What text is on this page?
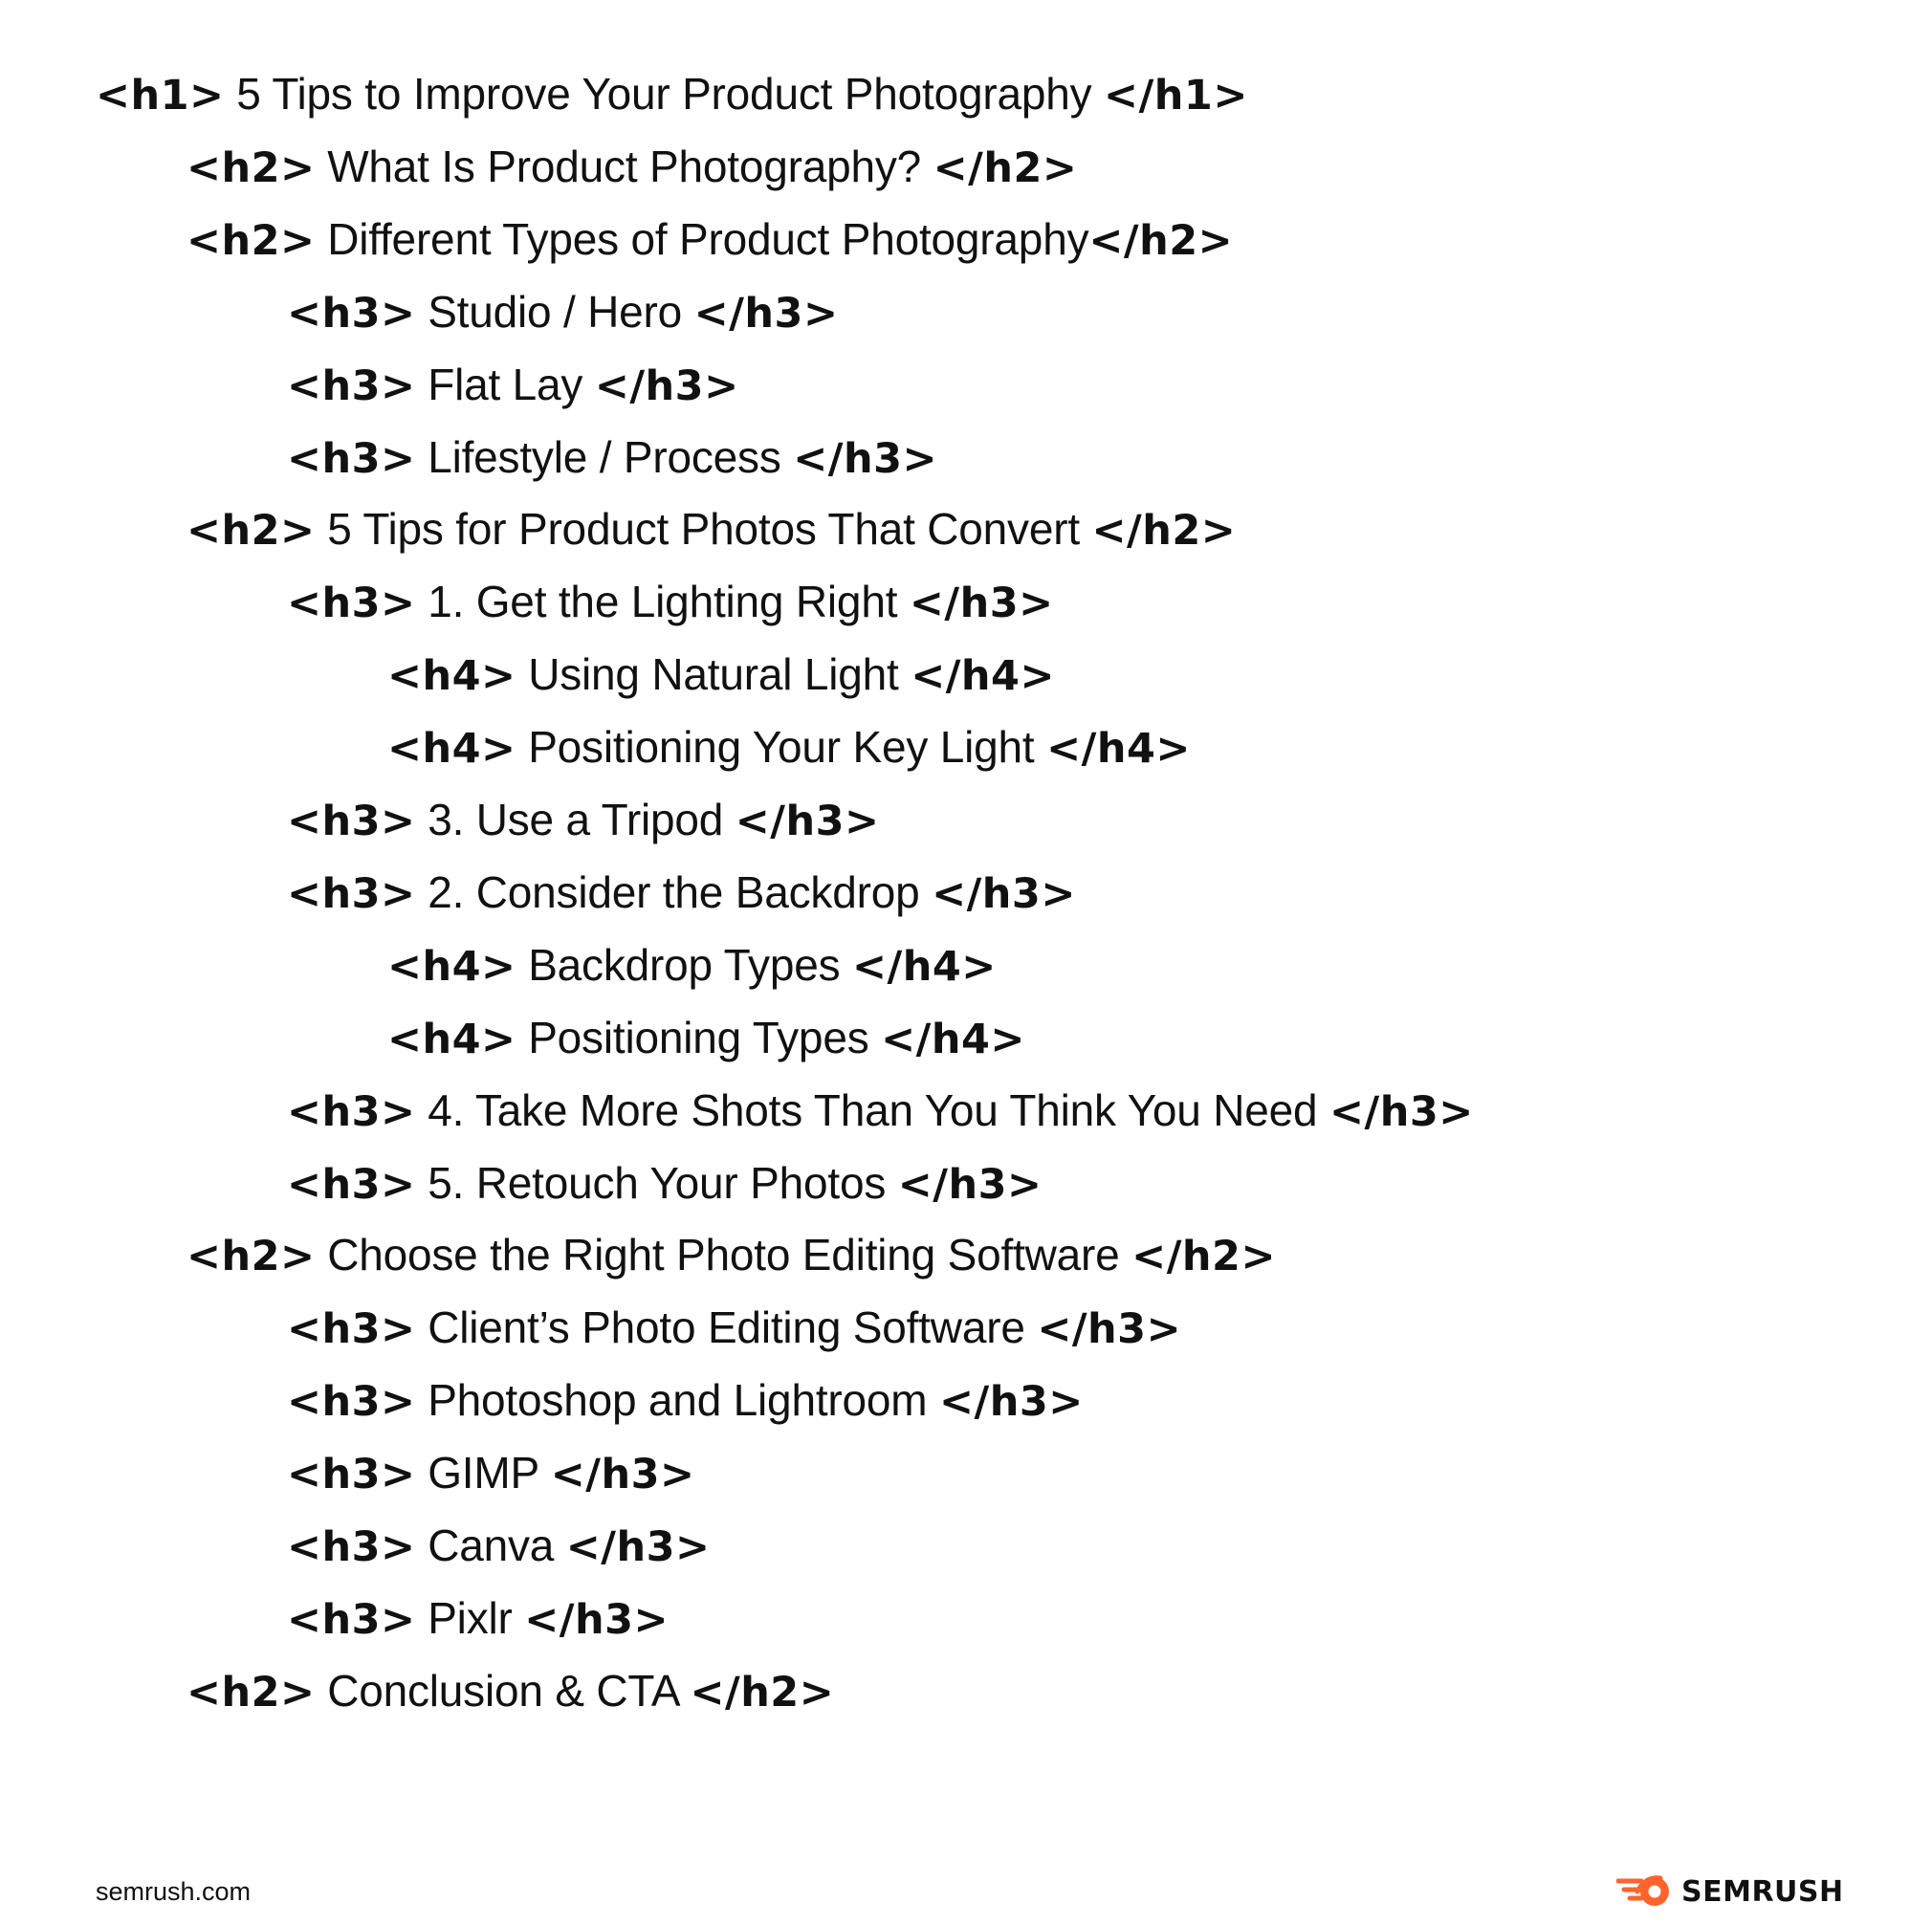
<h1> 5 Tips to Improve Your Product Photography </h1>
<h2> What Is Product Photography? </h2>
<h2> Different Types of Product Photography</h2>
<h3> Studio / Hero </h3>
<h3> Flat Lay </h3>
<h3> Lifestyle / Process </h3>
<h2> 5 Tips for Product Photos That Convert </h2>
<h3> 1. Get the Lighting Right </h3>
<h4> Using Natural Light </h4>
<h4> Positioning Your Key Light </h4>
<h3> 3. Use a Tripod </h3>
<h3> 2. Consider the Backdrop </h3>
<h4> Backdrop Types </h4>
<h4> Positioning Types </h4>
<h3> 4. Take More Shots Than You Think You Need </h3>
<h3> 5. Retouch Your Photos </h3>
<h2> Choose the Right Photo Editing Software </h2>
<h3> Client’s Photo Editing Software </h3>
<h3> Photoshop and Lightroom </h3>
<h3> GIMP </h3>
<h3> Canva </h3>
<h3> Pixlr </h3>
<h2> Conclusion & CTA </h2>
semrush.com	SEMRUSH
